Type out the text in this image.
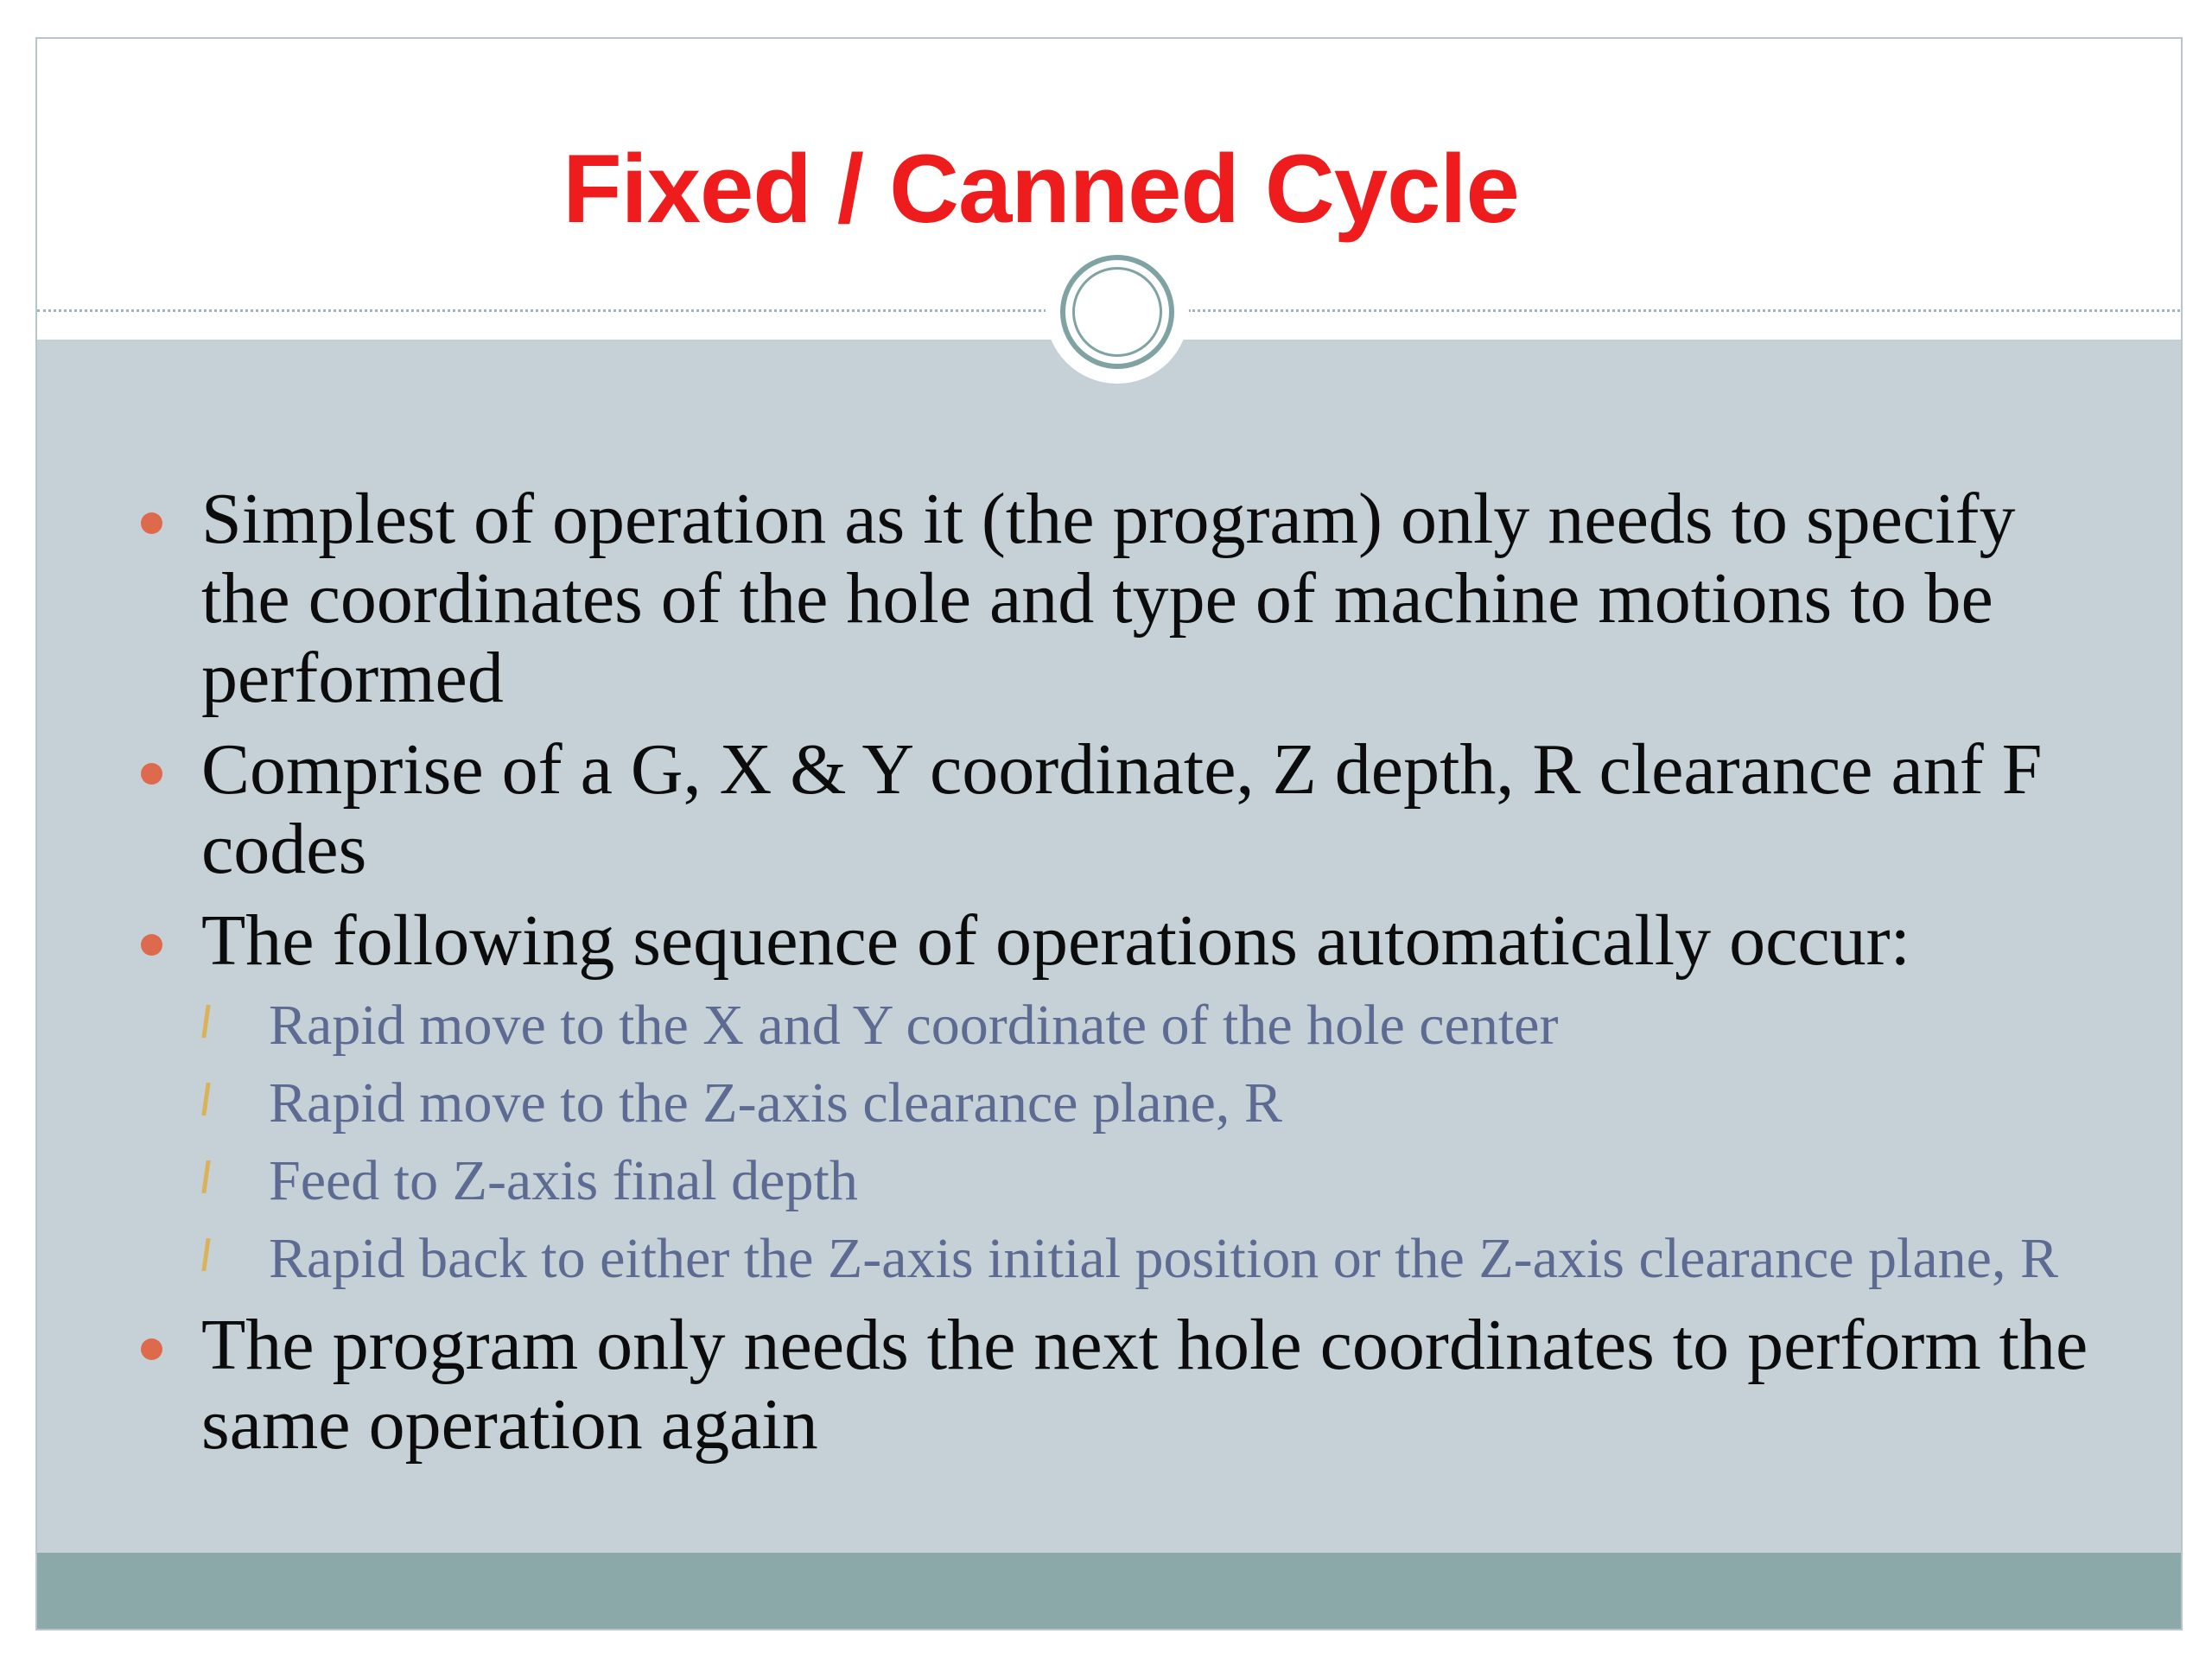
Fixed / Canned Cycle
Simplest of operation as it (the program) only needs to specify the coordinates of the hole and type of machine motions to be performed
Comprise of a G, X & Y coordinate, Z depth, R clearance anf F codes
The following sequence of operations automatically occur:
Rapid move to the X and Y coordinate of the hole center
Rapid move to the Z-axis clearance plane, R
Feed to Z-axis final depth
Rapid back to either the Z-axis initial position or the Z-axis clearance plane, R
The program only needs the next hole coordinates to perform the same operation again
